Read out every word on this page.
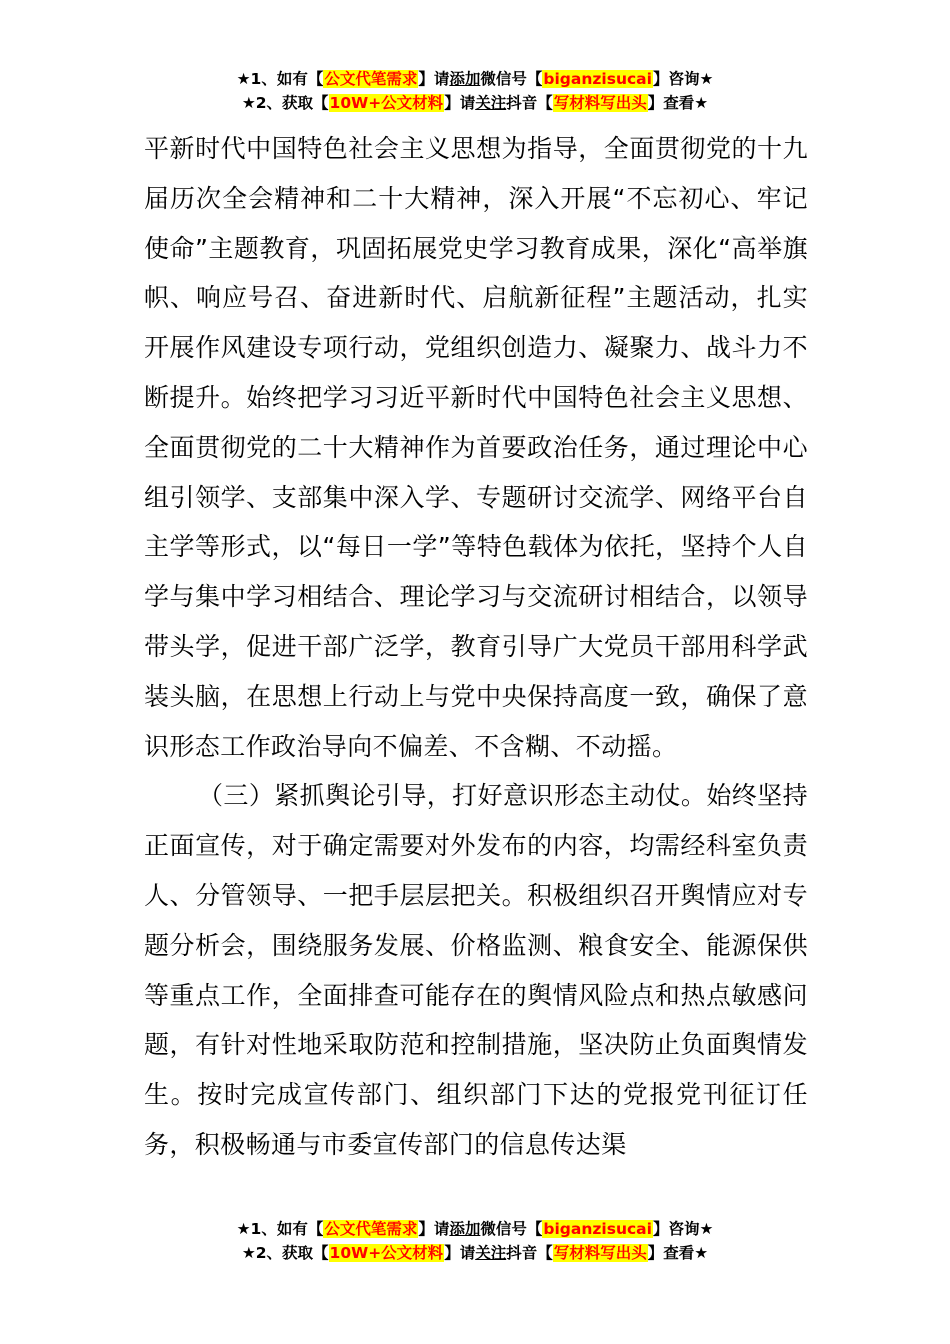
★1、如有【公文代笔需求】请添加微信号【biganzisucai】咨询★
★2、获取【10W+公文材料】请关注抖音【写材料写出头】查看★

平新时代中国特色社会主义思想为指导，全面贯彻党的十九届历次全会精神和二十大精神，深入开展“不忘初心、牢记使命”主题教育，巩固拓展党史学习教育成果，深化“高举旗帜、响应号召、奋进新时代、启航新征程”主题活动，扎实开展作风建设专项行动，党组织创造力、凝聚力、战斗力不断提升。始终把学习习近平新时代中国特色社会主义思想、全面贯彻党的二十大精神作为首要政治任务，通过理论中心组引领学、支部集中深入学、专题研讨交流学、网络平台自主学等形式，以“每日一学”等特色载体为依托，坚持个人自学与集中学习相结合、理论学习与交流研讨相结合，以领导带头学，促进干部广泛学，教育引导广大党员干部用科学武装头脑，在思想上行动上与党中央保持高度一致，确保了意识形态工作政治导向不偏差、不含糊、不动摇。

（三）紧抓舆论引导，打好意识形态主动仗。始终坚持正面宣传，对于确定需要对外发布的内容，均需经科室负责人、分管领导、一把手层层把关。积极组织召开舆情应对专题分析会，围绕服务发展、价格监测、粮食安全、能源保供等重点工作，全面排查可能存在的舆情风险点和热点敏感问题，有针对性地采取防范和控制措施，坚决防止负面舆情发生。按时完成宣传部门、组织部门下达的党报党刊征订任务，积极畅通与市委宣传部门的信息传达渠

★1、如有【公文代笔需求】请添加微信号【biganzisucai】咨询★
★2、获取【10W+公文材料】请关注抖音【写材料写出头】查看★
